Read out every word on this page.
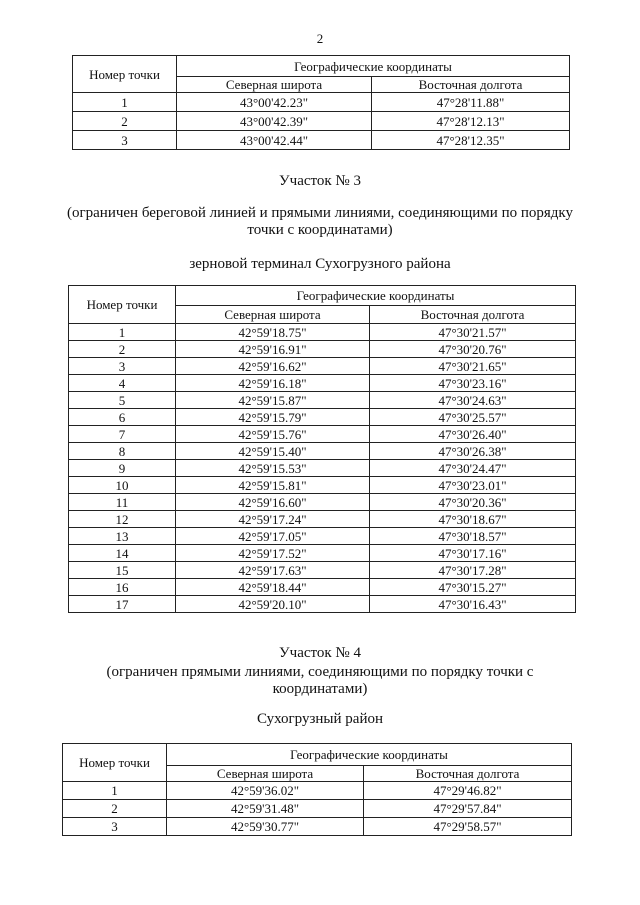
2
Номер точки	Географические координаты	
	Северная широта	Восточная долгота
1	43°00'42.23"	47°28'11.88"
2	43°00'42.39"	47°28'12.13"
3	43°00'42.44"	47°28'12.35"
Участок № 3
(ограничен береговой линией и прямыми линиями, соединяющими по порядку
точки с координатами)
зерновой терминал Сухогрузного района
Номер точки	Географические координаты	
	Северная широта	Восточная долгота
1	42°59'18.75"	47°30'21.57"
2	42°59'16.91"	47°30'20.76"
3	42°59'16.62"	47°30'21.65"
4	42°59'16.18"	47°30'23.16"
5	42°59'15.87"	47°30'24.63"
6	42°59'15.79"	47°30'25.57"
7	42°59'15.76"	47°30'26.40"
8	42°59'15.40"	47°30'26.38"
9	42°59'15.53"	47°30'24.47"
10	42°59'15.81"	47°30'23.01"
11	42°59'16.60"	47°30'20.36"
12	42°59'17.24"	47°30'18.67"
13	42°59'17.05"	47°30'18.57"
14	42°59'17.52"	47°30'17.16"
15	42°59'17.63"	47°30'17.28"
16	42°59'18.44"	47°30'15.27"
17	42°59'20.10"	47°30'16.43"
Участок № 4
(ограничен прямыми линиями, соединяющими по порядку точки с
координатами)
Сухогрузный район
Номер точки	Географические координаты	
	Северная широта	Восточная долгота
1	42°59'36.02"	47°29'46.82"
2	42°59'31.48"	47°29'57.84"
3	42°59'30.77"	47°29'58.57"
